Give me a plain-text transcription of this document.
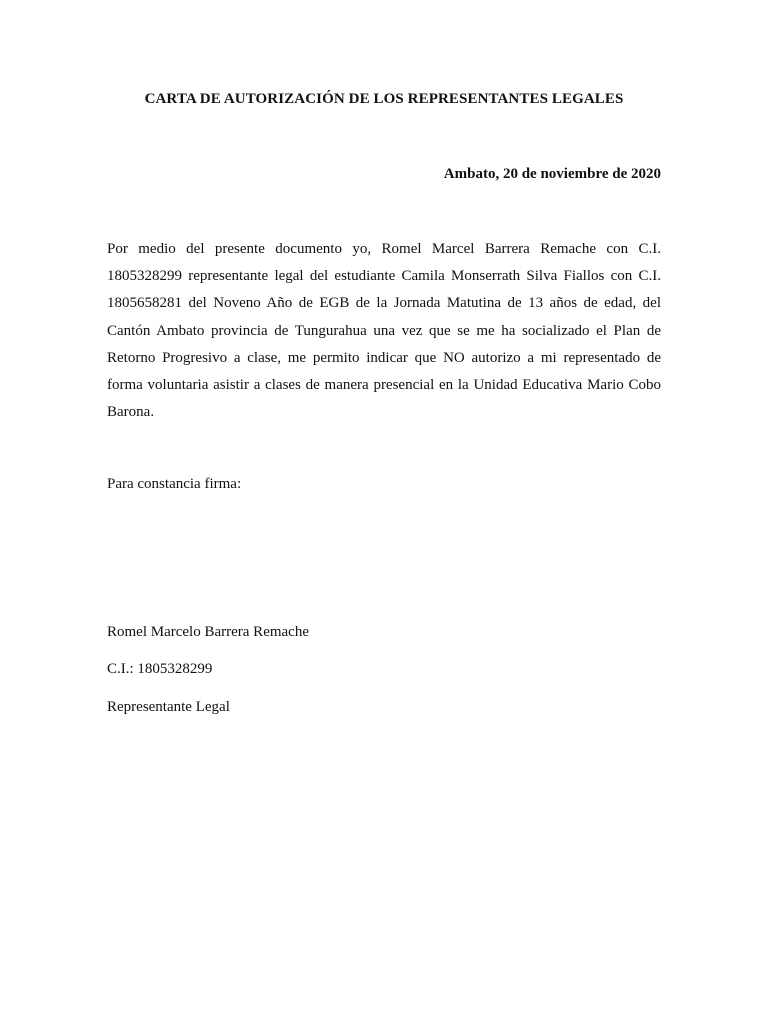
CARTA DE AUTORIZACIÓN DE LOS REPRESENTANTES LEGALES

Ambato, 20 de noviembre de 2020

Por medio del presente documento yo, Romel Marcel Barrera Remache con C.I. 1805328299 representante legal del estudiante Camila Monserrath Silva Fiallos con C.I. 1805658281 del Noveno Año de EGB de la Jornada Matutina de 13 años de edad, del Cantón Ambato provincia de Tungurahua una vez que se me ha socializado el Plan de Retorno Progresivo a clase, me permito indicar que NO autorizo a mi representado de forma voluntaria asistir a clases de manera presencial en la Unidad Educativa Mario Cobo Barona.

Para constancia firma:

Romel Marcelo Barrera Remache

C.I.: 1805328299

Representante Legal
